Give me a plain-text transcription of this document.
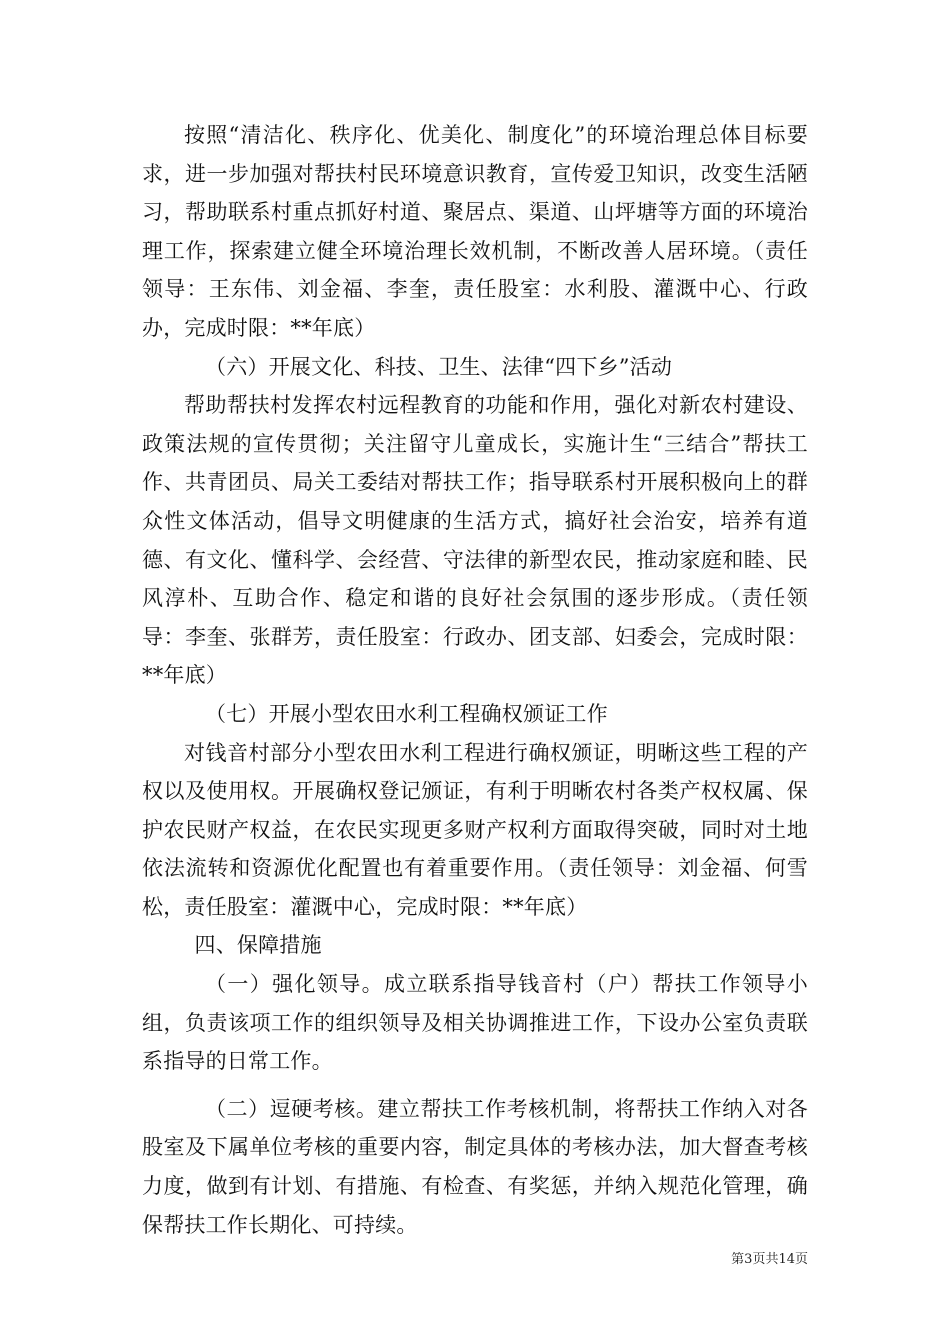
按照“清洁化、秩序化、优美化、制度化”的环境治理总体目标要求，进一步加强对帮扶村民环境意识教育，宣传爱卫知识，改变生活陋习，帮助联系村重点抓好村道、聚居点、渠道、山坪塘等方面的环境治理工作，探索建立健全环境治理长效机制，不断改善人居环境。（责任领导：王东伟、刘金福、李奎，责任股室：水利股、灌溉中心、行政办，完成时限：**年底）

（六）开展文化、科技、卫生、法律“四下乡”活动

帮助帮扶村发挥农村远程教育的功能和作用，强化对新农村建设、政策法规的宣传贯彻；关注留守儿童成长，实施计生“三结合”帮扶工作、共青团员、局关工委结对帮扶工作；指导联系村开展积极向上的群众性文体活动，倡导文明健康的生活方式，搞好社会治安，培养有道德、有文化、懂科学、会经营、守法律的新型农民，推动家庭和睦、民风淳朴、互助合作、稳定和谐的良好社会氛围的逐步形成。（责任领导：李奎、张群芳，责任股室：行政办、团支部、妇委会，完成时限：**年底）

（七）开展小型农田水利工程确权颁证工作

对钱音村部分小型农田水利工程进行确权颁证，明晰这些工程的产权以及使用权。开展确权登记颁证，有利于明晰农村各类产权权属、保护农民财产权益，在农民实现更多财产权利方面取得突破，同时对土地依法流转和资源优化配置也有着重要作用。（责任领导：刘金福、何雪松，责任股室：灌溉中心，完成时限：**年底）

四、保障措施

（一）强化领导。成立联系指导钱音村（户）帮扶工作领导小组，负责该项工作的组织领导及相关协调推进工作，下设办公室负责联系指导的日常工作。

（二）逗硬考核。建立帮扶工作考核机制，将帮扶工作纳入对各股室及下属单位考核的重要内容，制定具体的考核办法，加大督查考核力度，做到有计划、有措施、有检查、有奖惩，并纳入规范化管理，确保帮扶工作长期化、可持续。

第3页共14页
